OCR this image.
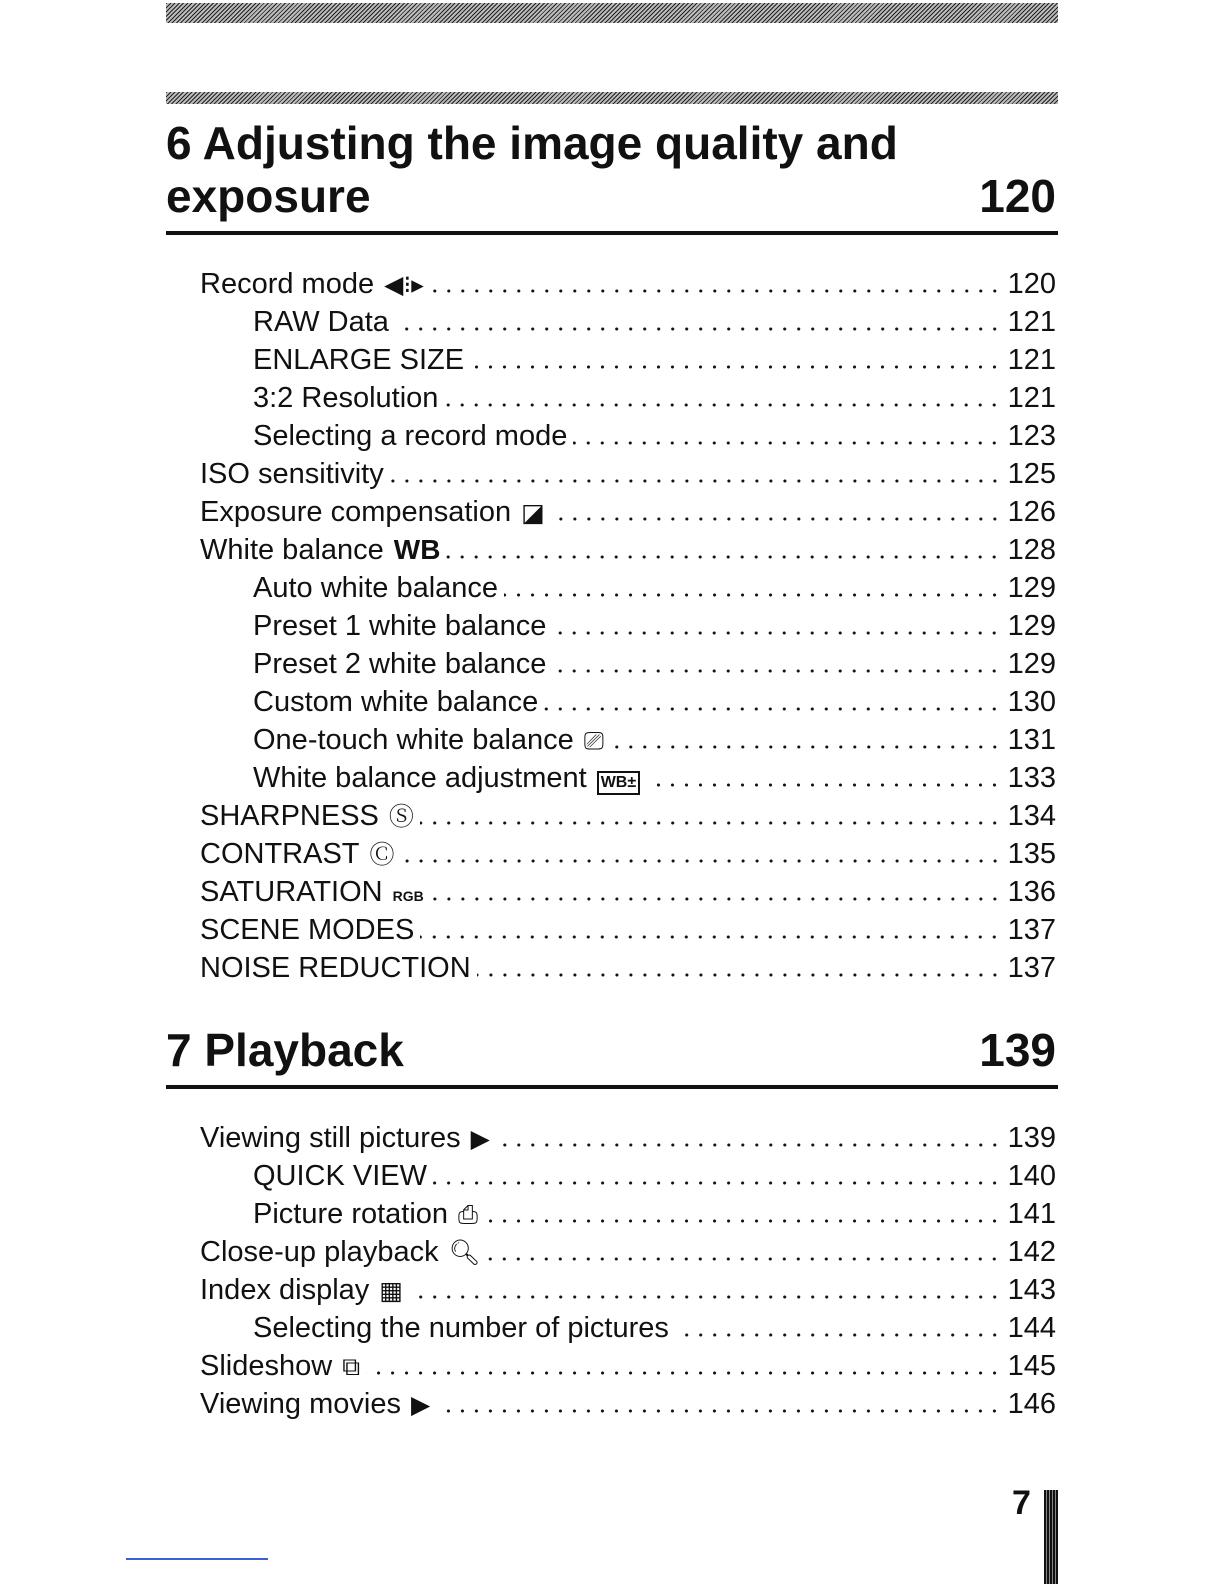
6 Adjusting the image quality and exposure	120
Record mode ◀⁝▸	120
RAW Data	121
ENLARGE SIZE	121
3:2 Resolution	121
Selecting a record mode	123
ISO sensitivity	125
Exposure compensation ◪	126
White balance WB	128
Auto white balance	129
Preset 1 white balance	129
Preset 2 white balance	129
Custom white balance	130
One-touch white balance ⎚	131
White balance adjustment WB±	133
SHARPNESS Ⓢ	134
CONTRAST Ⓒ	135
SATURATION RGB	136
SCENE MODES	137
NOISE REDUCTION	137
7 Playback	139
Viewing still pictures ▶	139
QUICK VIEW	140
Picture rotation ⎙	141
Close-up playback 🔍︎	142
Index display ▦	143
Selecting the number of pictures	144
Slideshow ⧉	145
Viewing movies ▶	146
7
